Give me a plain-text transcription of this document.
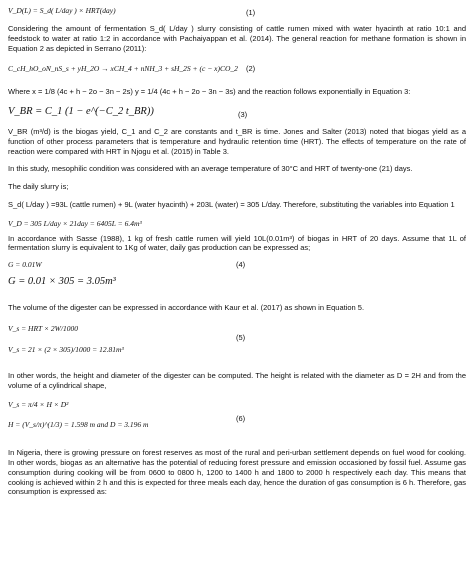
V_D(L) = S_d( L/day ) × HRT(day)	(1)

Considering the amount of fermentation S_d( L/day ) slurry consisting of cattle rumen mixed with water hyacinth at ratio 10:1 and feedstock to water at ratio 1:2 in accordance with Pachaiyappan et al. (2014). The general reaction for methane formation is shown in Equation 2 as depicted in Serrano (2011):

C_cH_hO_oN_nS_s + yH_2O → xCH_4 + nNH_3 + sH_2S + (c − x)CO_2 (2)

Where x = 1/8 (4c + h − 2o − 3n − 2s) y = 1/4 (4c + h − 2o − 3n − 3s) and the reaction follows exponentially in Equation 3:

V_BR = C_1 (1 − e^(−C_2 t_BR))	(3)

V_BR (m³/d) is the biogas yield, C_1 and C_2 are constants and t_BR is time. Jones and Salter (2013) noted that biogas yield as a function of other process parameters that is temperature and hydraulic retention time (HRT). The effects of temperature on the rate of reaction were compared with HRT in Njogu et al. (2015) in Table 3.

In this study, mesophilic condition was considered with an average temperature of 30°C and HRT of twenty-one (21) days.

The daily slurry is;

S_d( L/day ) =93L (cattle rumen) + 9L (water hyacinth) + 203L (water) = 305 L/day. Therefore, substituting the variables into Equation 1

V_D = 305 L/day × 21day = 6405L = 6.4m³

In accordance with Sasse (1988), 1 kg of fresh cattle rumen will yield 10L(0.01m³) of biogas in HRT of 20 days. Assume that 1L of fermentation slurry is equivalent to 1Kg of water, daily gas production can be expressed as;

G = 0.01W	(4)
G = 0.01 × 305 = 3.05m³

The volume of the digester can be expressed in accordance with Kaur et al. (2017) as shown in Equation 5.

V_s = HRT × 2W/1000
(5)
V_s = 21 × (2 × 305)/1000 = 12.81m³

In other words, the height and diameter of the digester can be computed. The height is related with the diameter as D = 2H and from the volume of a cylindrical shape,

V_s = π/4 × H × D²
(6)
H = (V_s/π)^(1/3) = 1.598 m and D = 3.196 m

In Nigeria, there is growing pressure on forest reserves as most of the rural and peri-urban settlement depends on fuel wood for cooking. In other words, biogas as an alternative has the potential of reducing forest pressure and emission occasioned by fossil fuel. Assume gas consumption during cooking will be from 0600 to 0800 h, 1200 to 1400 h and 1800 to 2000 h respectively each day. This means that cooking is achieved within 2 h and this is expected for three meals each day, hence the duration of gas consumption is 6 h. Therefore, gas consumption is expressed as:
